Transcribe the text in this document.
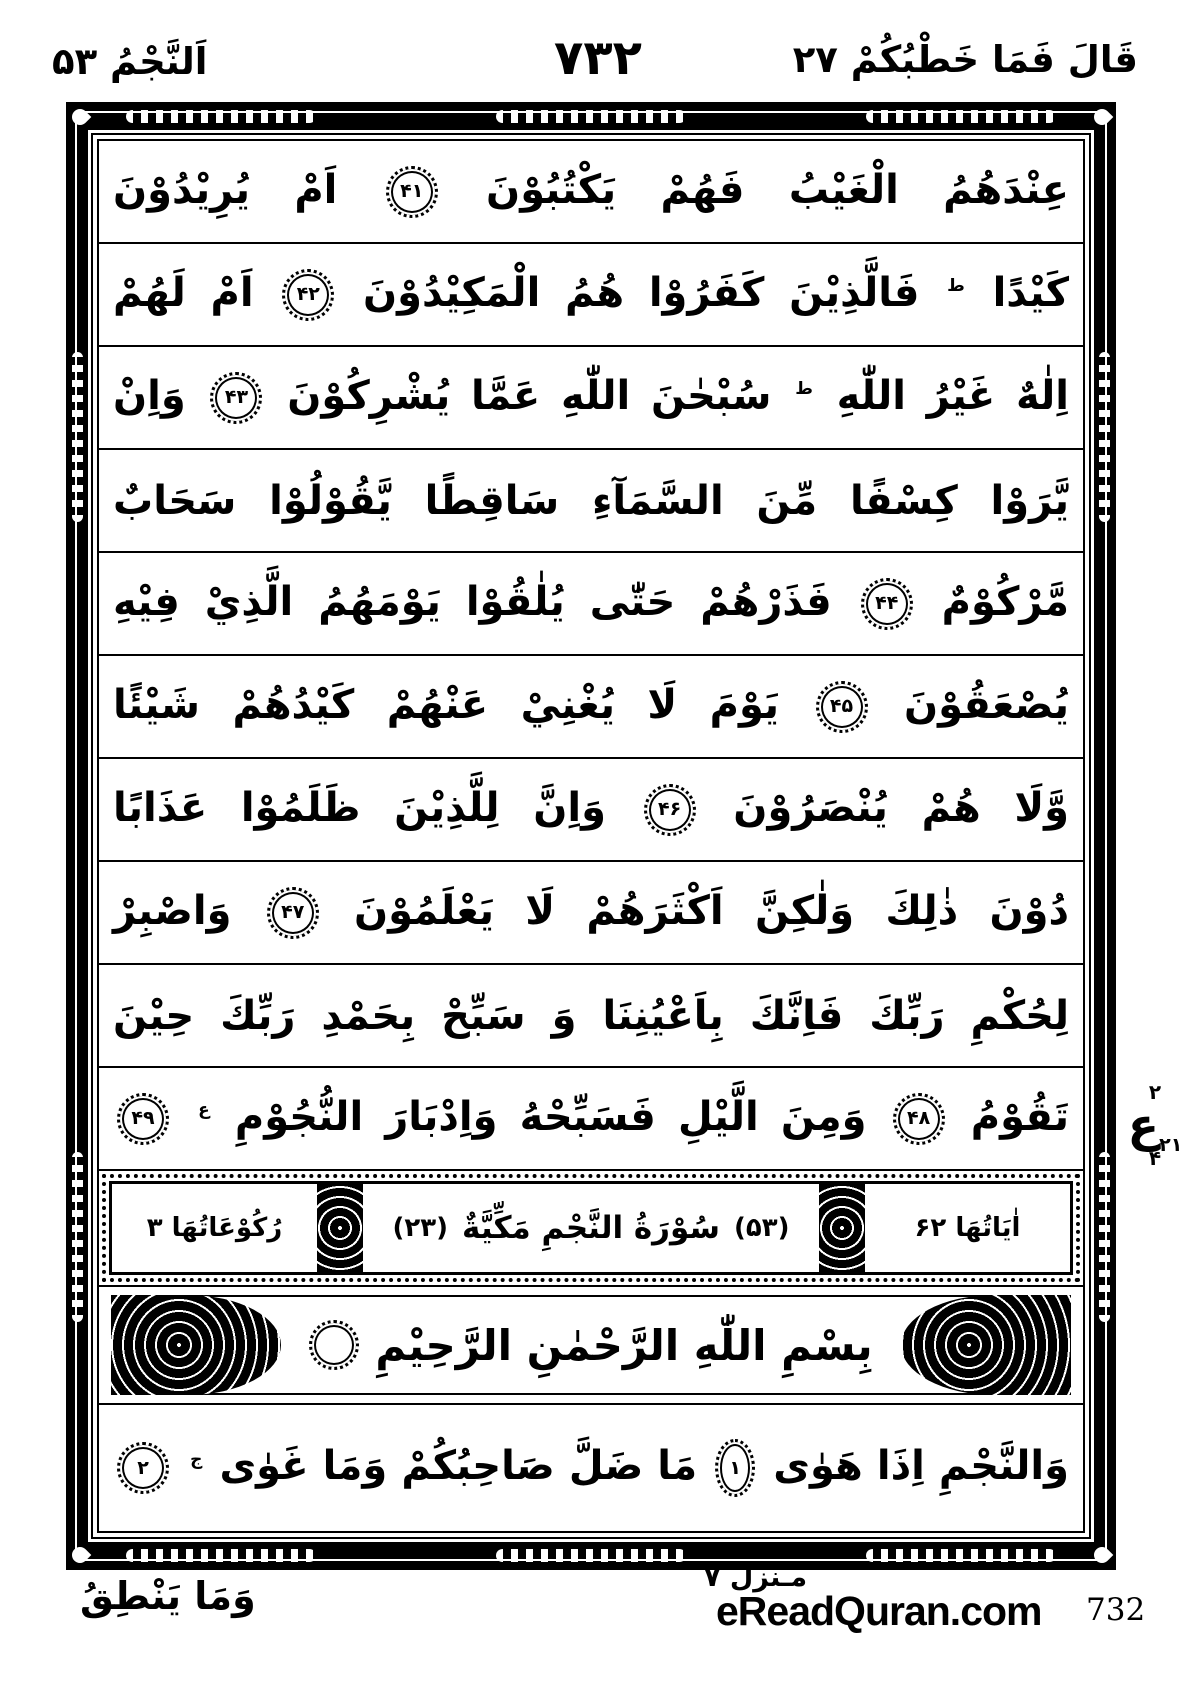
اَلنَّجْمُ ۵۳	۷۳۲	قَالَ فَمَا خَطْبُكُمْ ۲۷

عِنْدَهُمُ الْغَيْبُ فَهُمْ يَكْتُبُوْنَ
۴۱
اَمْ يُرِيْدُوْنَ

كَيْدًا $^ط$ فَالَّذِيْنَ كَفَرُوْا هُمُ الْمَكِيْدُوْنَ
۴۲
اَمْ لَهُمْ

اِلٰهٌ غَيْرُ اللّٰهِ $^ط$ سُبْحٰنَ اللّٰهِ عَمَّا يُشْرِكُوْنَ
۴۳
وَاِنْ

يَّرَوْا كِسْفًا مِّنَ السَّمَآءِ سَاقِطًا يَّقُوْلُوْا سَحَابٌ

مَّرْكُوْمٌ
۴۴
فَذَرْهُمْ حَتّٰى يُلٰقُوْا يَوْمَهُمُ الَّذِيْ فِيْهِ

يُصْعَقُوْنَ
۴۵
يَوْمَ لَا يُغْنِيْ عَنْهُمْ كَيْدُهُمْ شَيْئًا

وَّلَا هُمْ يُنْصَرُوْنَ
۴۶
وَاِنَّ لِلَّذِيْنَ ظَلَمُوْا عَذَابًا

دُوْنَ ذٰلِكَ وَلٰكِنَّ اَكْثَرَهُمْ لَا يَعْلَمُوْنَ
۴۷
وَاصْبِرْ

لِحُكْمِ رَبِّكَ فَاِنَّكَ بِاَعْيُنِنَا وَ سَبِّحْ بِحَمْدِ رَبِّكَ حِيْنَ

تَقُوْمُ
۴۸
وَمِنَ الَّيْلِ فَسَبِّحْهُ وَاِدْبَارَ النُّجُوْمِ $^ع$
۴۹

اٰيَاتُهَا ۶۲
(۵۳)
سُوْرَةُ النَّجْمِ مَكِّيَّةٌ
(۲۳)
رُكُوْعَاتُهَا ۳

بِسْمِ اللّٰهِ الرَّحْمٰنِ الرَّحِيْمِ

وَالنَّجْمِ اِذَا هَوٰى
۱
مَا ضَلَّ صَاحِبُكُمْ وَمَا غَوٰى $^ج$
۲

۲
۲۱ع
۴
وَمَا يَنْطِقُ	مـنزل ۷
eReadQuran.com 732
